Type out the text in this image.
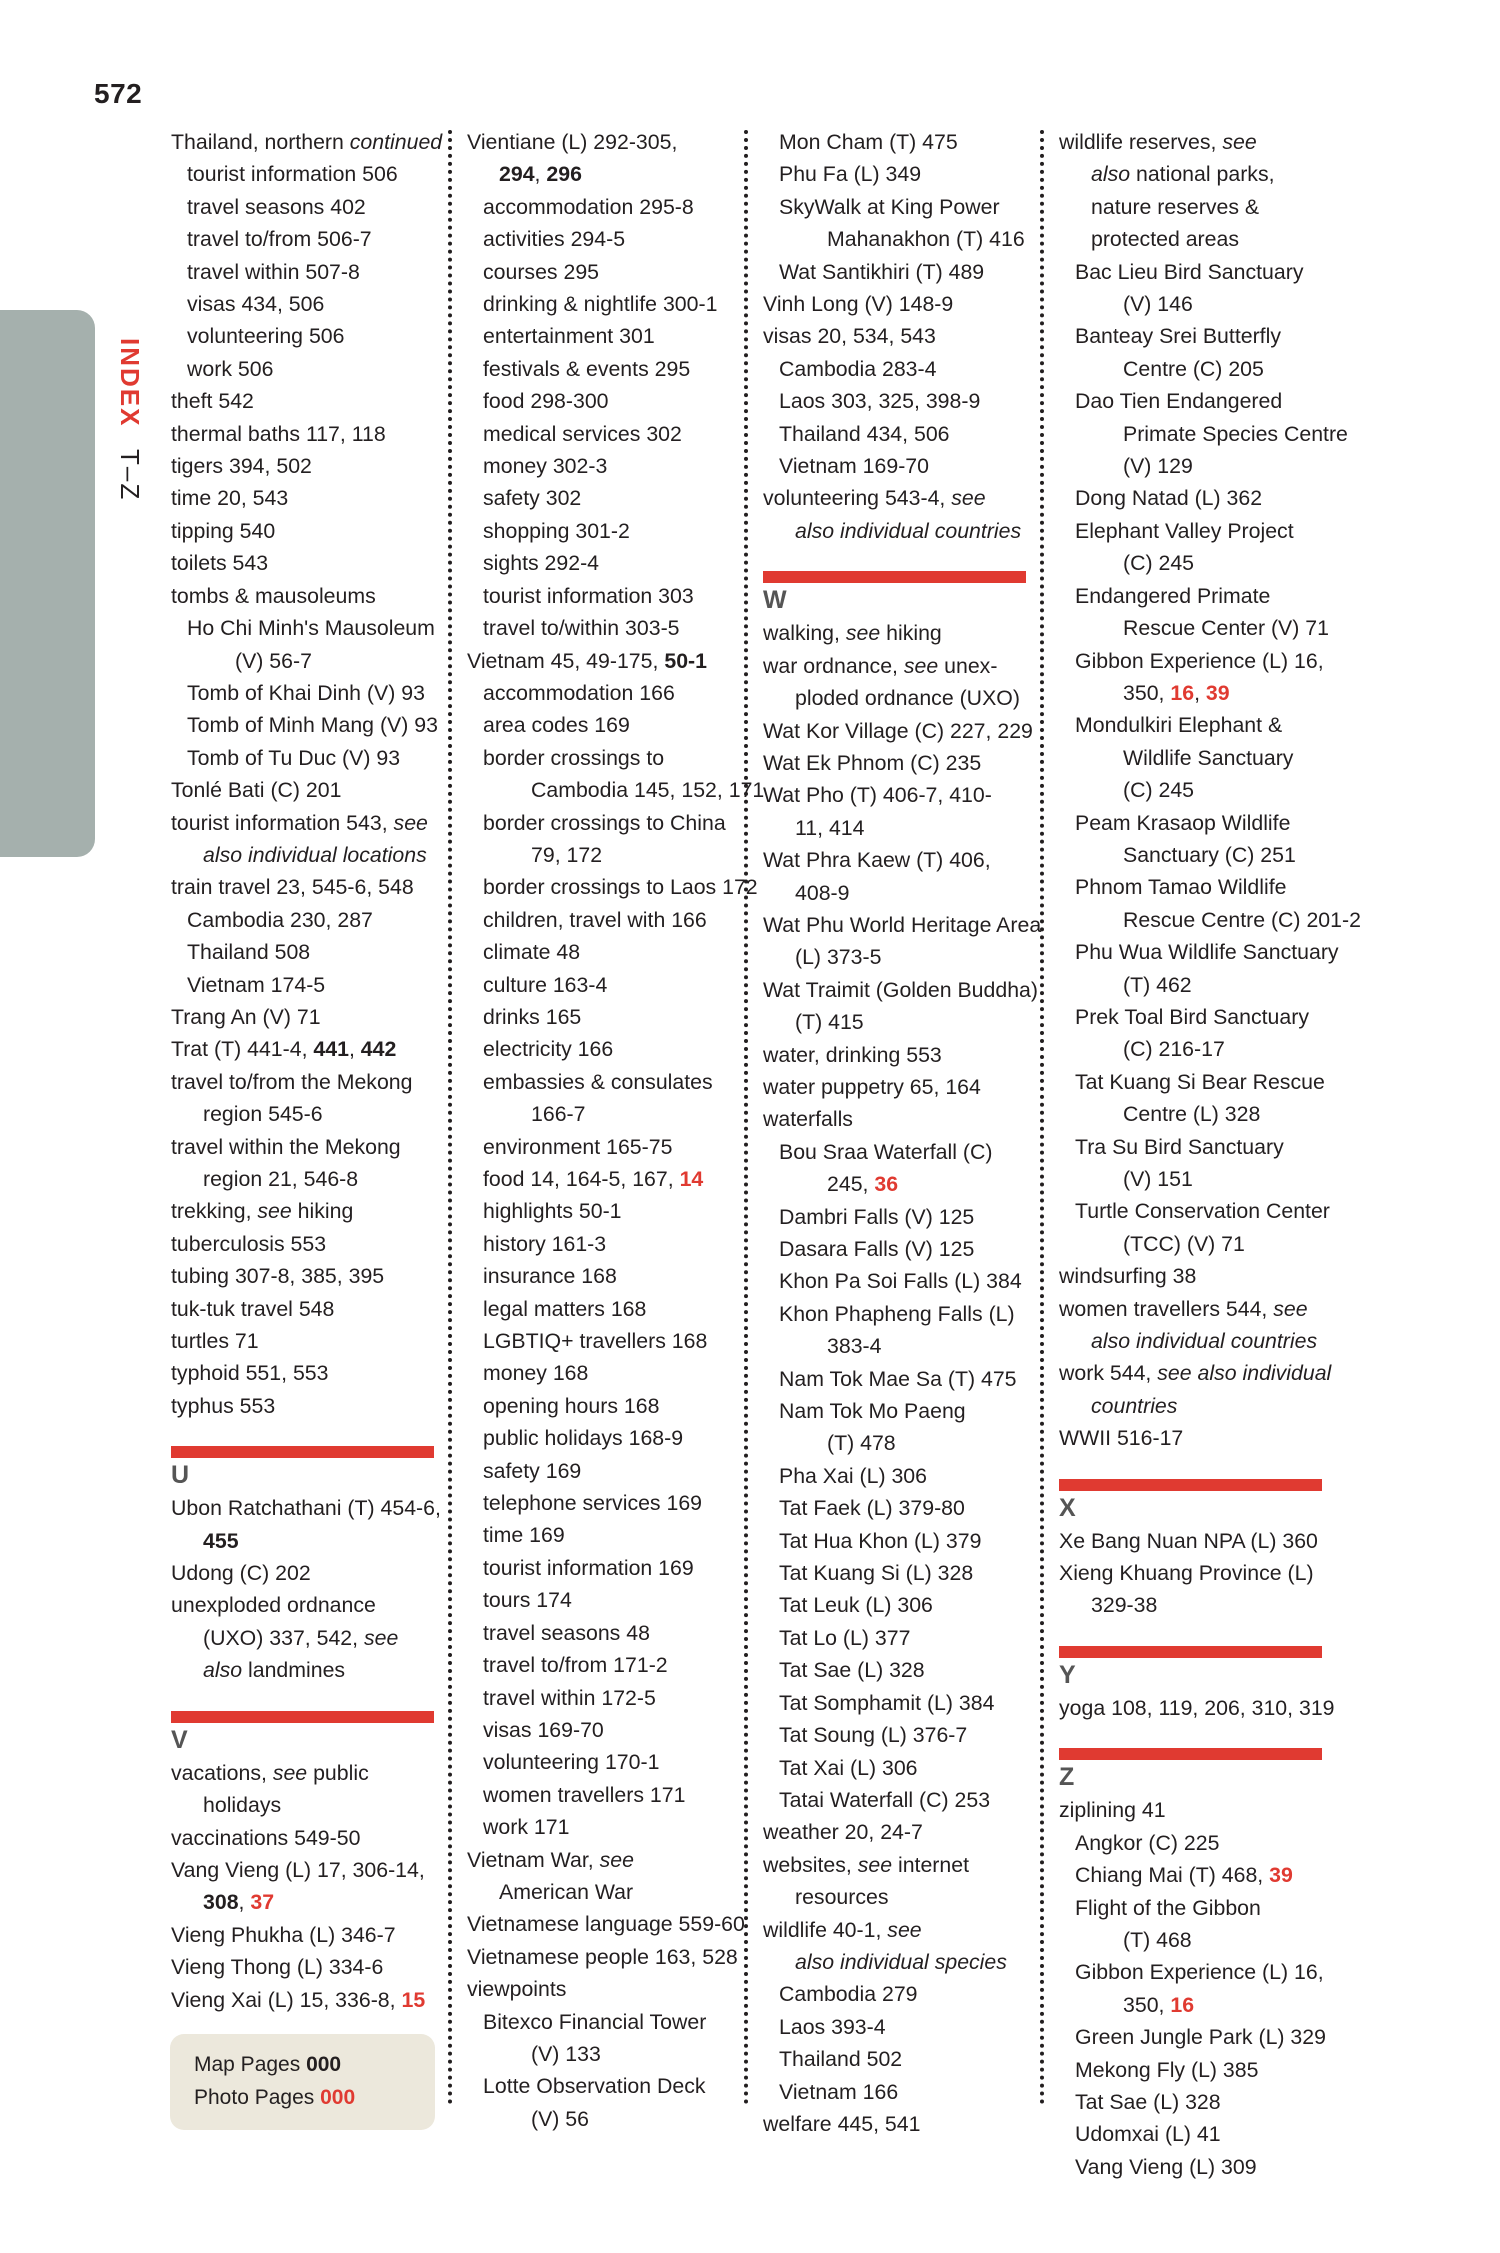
572
INDEX T–Z
Thailand, northern continued
tourist information 506
travel seasons 402
travel to/from 506-7
travel within 507-8
visas 434, 506
volunteering 506
work 506
theft 542
thermal baths 117, 118
tigers 394, 502
time 20, 543
tipping 540
toilets 543
tombs & mausoleums
Ho Chi Minh's Mausoleum
(V) 56-7
Tomb of Khai Dinh (V) 93
Tomb of Minh Mang (V) 93
Tomb of Tu Duc (V) 93
Tonlé Bati (C) 201
tourist information 543, see
also individual locations
train travel 23, 545-6, 548
Cambodia 230, 287
Thailand 508
Vietnam 174-5
Trang An (V) 71
Trat (T) 441-4, 441, 442
travel to/from the Mekong
region 545-6
travel within the Mekong
region 21, 546-8
trekking, see hiking
tuberculosis 553
tubing 307-8, 385, 395
tuk-tuk travel 548
turtles 71
typhoid 551, 553
typhus 553
U
Ubon Ratchathani (T) 454-6,
455
Udong (C) 202
unexploded ordnance
(UXO) 337, 542, see
also landmines
V
vacations, see public
holidays
vaccinations 549-50
Vang Vieng (L) 17, 306-14,
308, 37
Vieng Phukha (L) 346-7
Vieng Thong (L) 334-6
Vieng Xai (L) 15, 336-8, 15
Vientiane (L) 292-305,
294, 296
accommodation 295-8
activities 294-5
courses 295
drinking & nightlife 300-1
entertainment 301
festivals & events 295
food 298-300
medical services 302
money 302-3
safety 302
shopping 301-2
sights 292-4
tourist information 303
travel to/within 303-5
Vietnam 45, 49-175, 50-1
accommodation 166
area codes 169
border crossings to
Cambodia 145, 152, 171
border crossings to China
79, 172
border crossings to Laos 172
children, travel with 166
climate 48
culture 163-4
drinks 165
electricity 166
embassies & consulates
166-7
environment 165-75
food 14, 164-5, 167, 14
highlights 50-1
history 161-3
insurance 168
legal matters 168
LGBTIQ+ travellers 168
money 168
opening hours 168
public holidays 168-9
safety 169
telephone services 169
time 169
tourist information 169
tours 174
travel seasons 48
travel to/from 171-2
travel within 172-5
visas 169-70
volunteering 170-1
women travellers 171
work 171
Vietnam War, see
American War
Vietnamese language 559-60
Vietnamese people 163, 528
viewpoints
Bitexco Financial Tower
(V) 133
Lotte Observation Deck
(V) 56
Mon Cham (T) 475
Phu Fa (L) 349
SkyWalk at King Power
Mahanakhon (T) 416
Wat Santikhiri (T) 489
Vinh Long (V) 148-9
visas 20, 534, 543
Cambodia 283-4
Laos 303, 325, 398-9
Thailand 434, 506
Vietnam 169-70
volunteering 543-4, see
also individual countries
W
walking, see hiking
war ordnance, see unex-
ploded ordnance (UXO)
Wat Kor Village (C) 227, 229
Wat Ek Phnom (C) 235
Wat Pho (T) 406-7, 410-
11, 414
Wat Phra Kaew (T) 406,
408-9
Wat Phu World Heritage Area
(L) 373-5
Wat Traimit (Golden Buddha)
(T) 415
water, drinking 553
water puppetry 65, 164
waterfalls
Bou Sraa Waterfall (C)
245, 36
Dambri Falls (V) 125
Dasara Falls (V) 125
Khon Pa Soi Falls (L) 384
Khon Phapheng Falls (L)
383-4
Nam Tok Mae Sa (T) 475
Nam Tok Mo Paeng
(T) 478
Pha Xai (L) 306
Tat Faek (L) 379-80
Tat Hua Khon (L) 379
Tat Kuang Si (L) 328
Tat Leuk (L) 306
Tat Lo (L) 377
Tat Sae (L) 328
Tat Somphamit (L) 384
Tat Soung (L) 376-7
Tat Xai (L) 306
Tatai Waterfall (C) 253
weather 20, 24-7
websites, see internet
resources
wildlife 40-1, see
also individual species
Cambodia 279
Laos 393-4
Thailand 502
Vietnam 166
welfare 445, 541
wildlife reserves, see
also national parks,
nature reserves &
protected areas
Bac Lieu Bird Sanctuary
(V) 146
Banteay Srei Butterfly
Centre (C) 205
Dao Tien Endangered
Primate Species Centre
(V) 129
Dong Natad (L) 362
Elephant Valley Project
(C) 245
Endangered Primate
Rescue Center (V) 71
Gibbon Experience (L) 16,
350, 16, 39
Mondulkiri Elephant &
Wildlife Sanctuary
(C) 245
Peam Krasaop Wildlife
Sanctuary (C) 251
Phnom Tamao Wildlife
Rescue Centre (C) 201-2
Phu Wua Wildlife Sanctuary
(T) 462
Prek Toal Bird Sanctuary
(C) 216-17
Tat Kuang Si Bear Rescue
Centre (L) 328
Tra Su Bird Sanctuary
(V) 151
Turtle Conservation Center
(TCC) (V) 71
windsurfing 38
women travellers 544, see
also individual countries
work 544, see also individual
countries
WWII 516-17
X
Xe Bang Nuan NPA (L) 360
Xieng Khuang Province (L)
329-38
Y
yoga 108, 119, 206, 310, 319
Z
ziplining 41
Angkor (C) 225
Chiang Mai (T) 468, 39
Flight of the Gibbon
(T) 468
Gibbon Experience (L) 16,
350, 16
Green Jungle Park (L) 329
Mekong Fly (L) 385
Tat Sae (L) 328
Udomxai (L) 41
Vang Vieng (L) 309
Map Pages 000
Photo Pages 000
